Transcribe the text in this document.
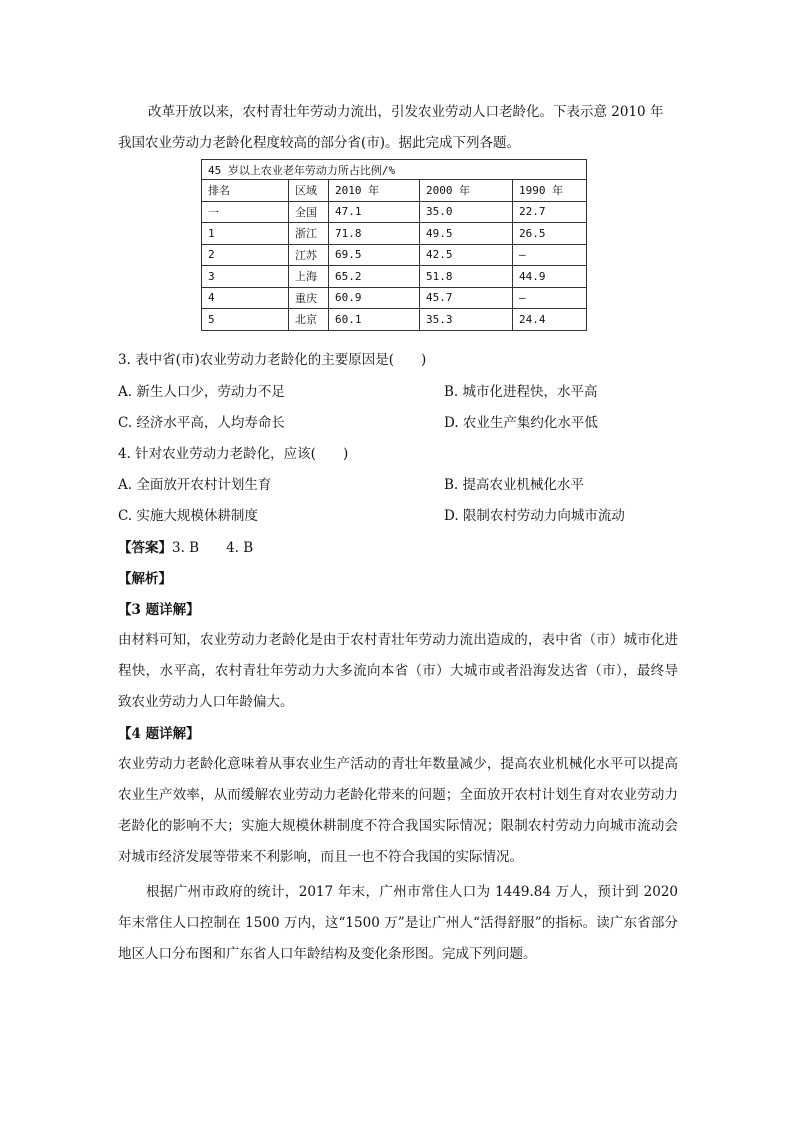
改革开放以来，农村青壮年劳动力流出，引发农业劳动人口老龄化。下表示意 2010 年
我国农业劳动力老龄化程度较高的部分省(市)。据此完成下列各题。
45 岁以上农业老年劳动力所占比例/%				
排名	区域	2010 年	2000 年	1990 年
一	全国	47.1	35.0	22.7
1	浙江	71.8	49.5	26.5
2	江苏	69.5	42.5	—
3	上海	65.2	51.8	44.9
4	重庆	60.9	45.7	—
5	北京	60.1	35.3	24.4
3. 表中省(市)农业劳动力老龄化的主要原因是(　　)
A. 新生人口少，劳动力不足	B. 城市化进程快，水平高
C. 经济水平高，人均寿命长	D. 农业生产集约化水平低
4. 针对农业劳动力老龄化，应该(　　)
A. 全面放开农村计划生育	B. 提高农业机械化水平
C. 实施大规模休耕制度	D. 限制农村劳动力向城市流动
【答案】3. B　　4. B
【解析】
【3 题详解】
由材料可知，农业劳动力老龄化是由于农村青壮年劳动力流出造成的，表中省（市）城市化进程快，水平高，农村青壮年劳动力大多流向本省（市）大城市或者沿海发达省（市），最终导致农业劳动力人口年龄偏大。
【4 题详解】
农业劳动力老龄化意味着从事农业生产活动的青壮年数量减少，提高农业机械化水平可以提高农业生产效率，从而缓解农业劳动力老龄化带来的问题；全面放开农村计划生育对农业劳动力老龄化的影响不大；实施大规模休耕制度不符合我国实际情况；限制农村劳动力向城市流动会对城市经济发展等带来不利影响，而且一也不符合我国的实际情况。
根据广州市政府的统计，2017 年末，广州市常住人口为 1449.84 万人，预计到 2020 年末常住人口控制在 1500 万内，这“1500 万”是让广州人“活得舒服”的指标。读广东省部分地区人口分布图和广东省人口年龄结构及变化条形图。完成下列问题。
